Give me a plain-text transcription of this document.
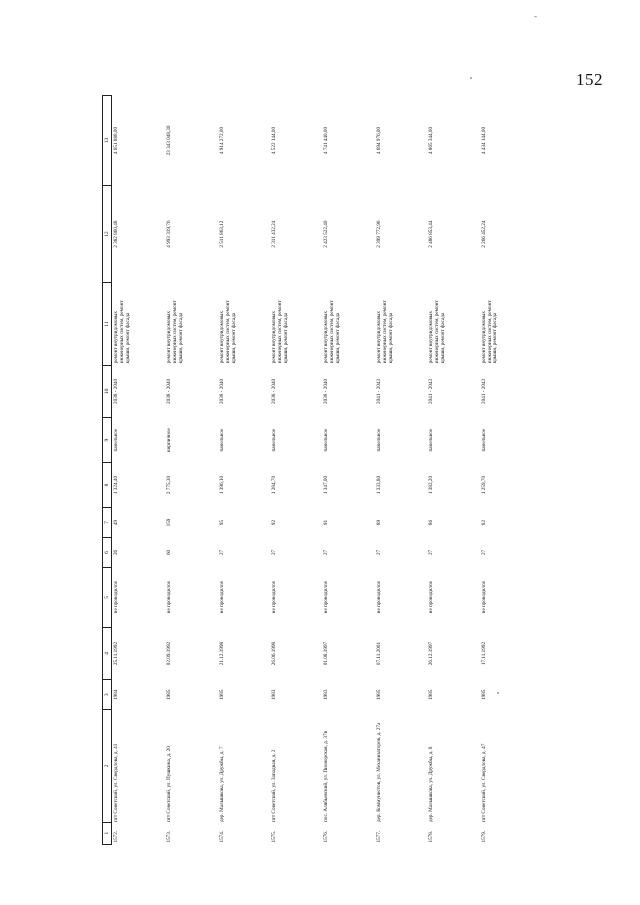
152
-
1	2	3	4	5	6	7	8	9	10	11	12	13
1572.	пгт Советский, ул. Свердлова, д. 41	1984	25.11.1992	не проводился	26	49	1 324,40	панельное	2038 - 2040	ремонт внутридомовых инженерных систем, ремонт крыши, ремонт фасада	2 382 860,48	4 651 888,00
1573.	пгт Советский, ул. Пушкина, д. 20	1985	02.09.1992	не проводился	60	159	2 775,30	кирпичное	2038 - 2040	ремонт внутридомовых инженерных систем, ремонт крыши, ремонт фасада	4 993 319,76	23 343 048,30
1574.	дер. Малышкова, ул. Дружбы, д. 7	1985	21.12.1998	не проводился	27	95	1 396,10	панельное	2038 - 2040	ремонт внутридомовых инженерных систем, ремонт крыши, ремонт фасада	2 511 863,12	4 914 272,00
1575.	пгт Советский, ул. Западная, д. 2	1983	26.06.1998	не проводился	27	92	1 284,70	панельное	2038 - 2040	ремонт внутридомовых инженерных систем, ремонт крыши, ремонт фасада	2 311 432,24	4 522 144,00
1576.	пос. Алябьевский, ул. Пионерская, д. 37в	1983	01.08.1997	не проводился	27	91	1 347,00	панельное	2038 - 2040	ремонт внутридомовых инженерных систем, ремонт крыши, ремонт фасада	2 423 522,40	4 741 440,00
1577.	дер. Коммунистов, ул. Механизаторов, д. 27а	1985	07.11.2001	не проводился	27	89	1 333,80	панельное	2041 - 2043	ремонт внутридомовых инженерных систем, ремонт крыши, ремонт фасада	2 399 772,96	4 694 976,00
1578.	дер. Малышкова, ул. Дружбы, д. 8	1985	26.12.1997	не проводился	27	86	1 382,20	панельное	2041 - 2043	ремонт внутридомовых инженерных систем, ремонт крыши, ремонт фасада	2 486 853,44	4 865 344,00
1579.	пгт Советский, ул. Свердлова, д. 47	1985	17.11.1992	не проводился	27	82	1 259,70	панельное	2041 - 2043	ремонт внутридомовых инженерных систем, ремонт крыши, ремонт фасада	2 266 452,24	4 434 144,00
